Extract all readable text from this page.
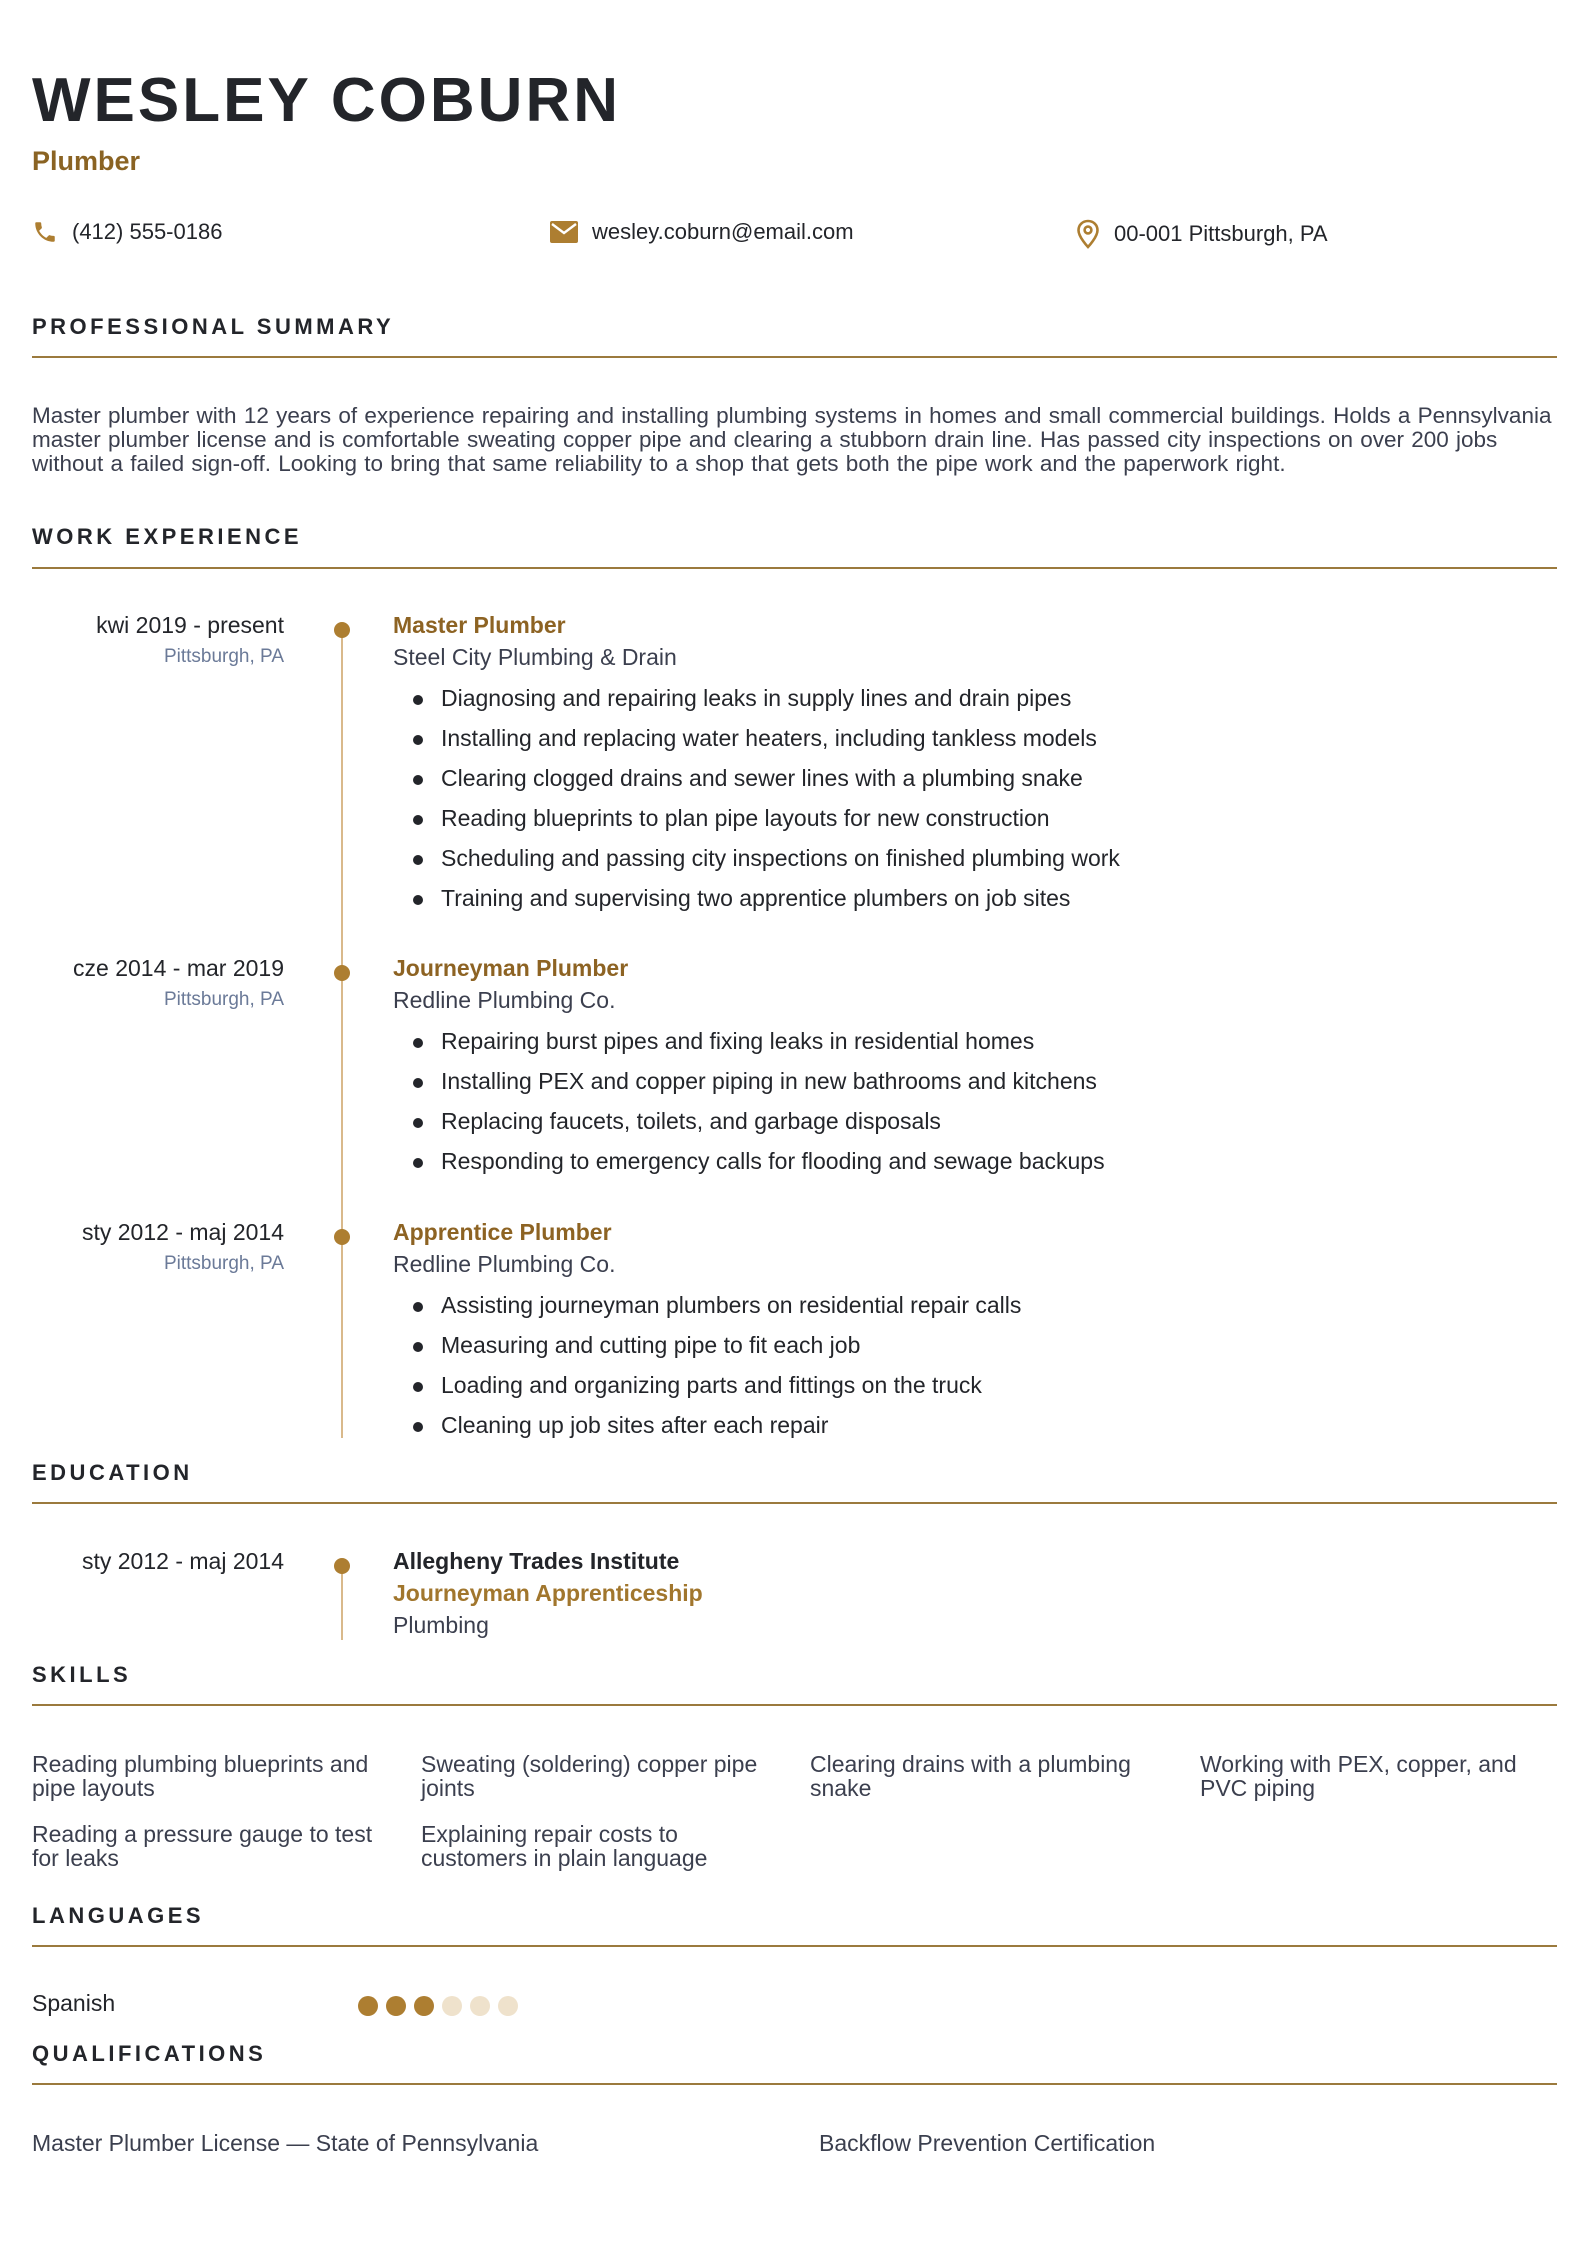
WESLEY COBURN
Plumber
(412) 555-0186	wesley.coburn@email.com	00-001 Pittsburgh, PA
PROFESSIONAL SUMMARY
Master plumber with 12 years of experience repairing and installing plumbing systems in homes and small commercial buildings. Holds a Pennsylvania master plumber license and is comfortable sweating copper pipe and clearing a stubborn drain line. Has passed city inspections on over 200 jobs without a failed sign-off. Looking to bring that same reliability to a shop that gets both the pipe work and the paperwork right.
WORK EXPERIENCE
kwi 2019 - present
Pittsburgh, PA
Master Plumber
Steel City Plumbing & Drain
Diagnosing and repairing leaks in supply lines and drain pipes
Installing and replacing water heaters, including tankless models
Clearing clogged drains and sewer lines with a plumbing snake
Reading blueprints to plan pipe layouts for new construction
Scheduling and passing city inspections on finished plumbing work
Training and supervising two apprentice plumbers on job sites
cze 2014 - mar 2019
Pittsburgh, PA
Journeyman Plumber
Redline Plumbing Co.
Repairing burst pipes and fixing leaks in residential homes
Installing PEX and copper piping in new bathrooms and kitchens
Replacing faucets, toilets, and garbage disposals
Responding to emergency calls for flooding and sewage backups
sty 2012 - maj 2014
Pittsburgh, PA
Apprentice Plumber
Redline Plumbing Co.
Assisting journeyman plumbers on residential repair calls
Measuring and cutting pipe to fit each job
Loading and organizing parts and fittings on the truck
Cleaning up job sites after each repair
EDUCATION
sty 2012 - maj 2014	Allegheny Trades Institute
Journeyman Apprenticeship
Plumbing
SKILLS
Reading plumbing blueprints and pipe layouts
Sweating (soldering) copper pipe joints
Clearing drains with a plumbing snake
Working with PEX, copper, and PVC piping
Reading a pressure gauge to test for leaks
Explaining repair costs to customers in plain language
LANGUAGES
Spanish
QUALIFICATIONS
Master Plumber License — State of Pennsylvania	Backflow Prevention Certification
